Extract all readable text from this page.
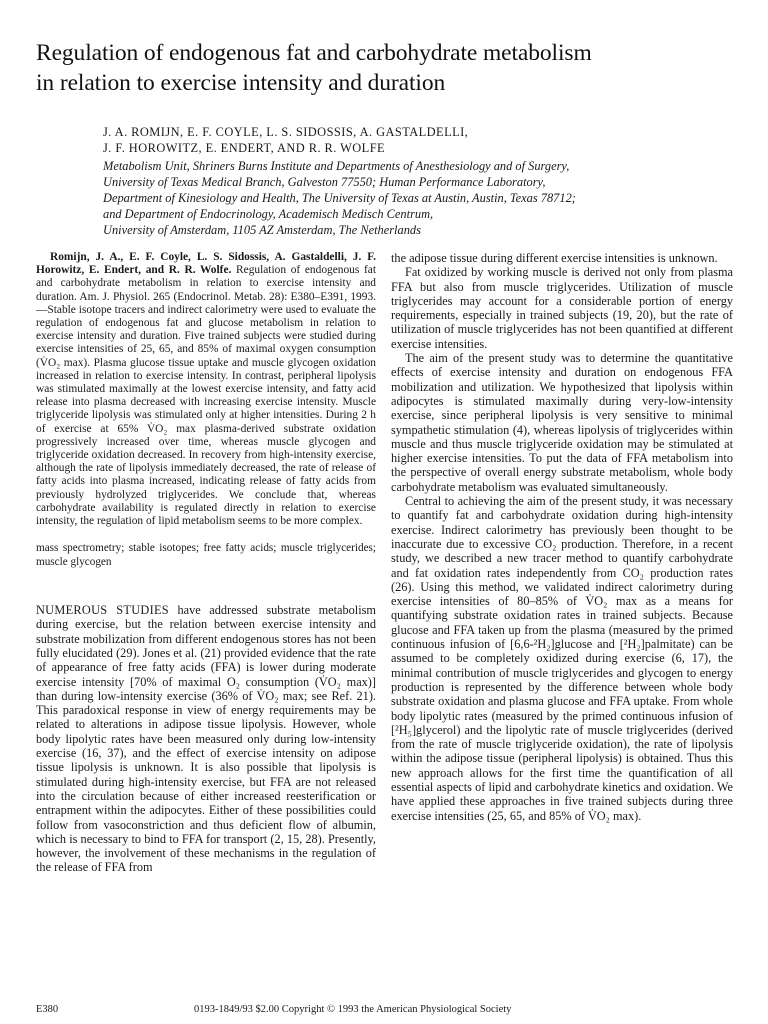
Regulation of endogenous fat and carbohydrate metabolism
in relation to exercise intensity and duration
J. A. ROMIJN, E. F. COYLE, L. S. SIDOSSIS, A. GASTALDELLI,
J. F. HOROWITZ, E. ENDERT, AND R. R. WOLFE
Metabolism Unit, Shriners Burns Institute and Departments of Anesthesiology and of Surgery,
University of Texas Medical Branch, Galveston 77550; Human Performance Laboratory,
Department of Kinesiology and Health, The University of Texas at Austin, Austin, Texas 78712;
and Department of Endocrinology, Academisch Medisch Centrum,
University of Amsterdam, 1105 AZ Amsterdam, The Netherlands

Romijn, J. A., E. F. Coyle, L. S. Sidossis, A. Gastaldelli, J. F. Horowitz, E. Endert, and R. R. Wolfe. Regulation of endogenous fat and carbohydrate metabolism in relation to exercise intensity and duration. Am. J. Physiol. 265 (Endocrinol. Metab. 28): E380–E391, 1993.—Stable isotope tracers and indirect calorimetry were used to evaluate the regulation of endogenous fat and glucose metabolism in relation to exercise intensity and duration. Five trained subjects were studied during exercise intensities of 25, 65, and 85% of maximal oxygen consumption (V̇O₂ max). Plasma glucose tissue uptake and muscle glycogen oxidation increased in relation to exercise intensity. In contrast, peripheral lipolysis was stimulated maximally at the lowest exercise intensity, and fatty acid release into plasma decreased with increasing exercise intensity. Muscle triglyceride lipolysis was stimulated only at higher intensities. During 2 h of exercise at 65% V̇O₂ max plasma-derived substrate oxidation progressively increased over time, whereas muscle glycogen and triglyceride oxidation decreased. In recovery from high-intensity exercise, although the rate of lipolysis immediately decreased, the rate of release of fatty acids into plasma increased, indicating release of fatty acids from previously hydrolyzed triglycerides. We conclude that, whereas carbohydrate availability is regulated directly in relation to exercise intensity, the regulation of lipid metabolism seems to be more complex.

mass spectrometry; stable isotopes; free fatty acids; muscle triglycerides; muscle glycogen

NUMEROUS STUDIES have addressed substrate metabolism during exercise, but the relation between exercise intensity and substrate mobilization from different endogenous stores has not been fully elucidated (29). Jones et al. (21) provided evidence that the rate of appearance of free fatty acids (FFA) is lower during moderate exercise intensity [70% of maximal O₂ consumption (V̇O₂ max)] than during low-intensity exercise (36% of V̇O₂ max; see Ref. 21). This paradoxical response in view of energy requirements may be related to alterations in adipose tissue lipolysis. However, whole body lipolytic rates have been measured only during low-intensity exercise (16, 37), and the effect of exercise intensity on adipose tissue lipolysis is unknown. It is also possible that lipolysis is stimulated during high-intensity exercise, but FFA are not released into the circulation because of either increased reesterification or entrapment within the adipocytes. Either of these possibilities could follow from vasoconstriction and thus deficient flow of albumin, which is necessary to bind to FFA for transport (2, 15, 28). Presently, however, the involvement of these mechanisms in the regulation of the release of FFA from

the adipose tissue during different exercise intensities is unknown.

Fat oxidized by working muscle is derived not only from plasma FFA but also from muscle triglycerides. Utilization of muscle triglycerides may account for a considerable portion of energy requirements, especially in trained subjects (19, 20), but the rate of utilization of muscle triglycerides has not been quantified at different exercise intensities.

The aim of the present study was to determine the quantitative effects of exercise intensity and duration on endogenous FFA mobilization and utilization. We hypothesized that lipolysis within adipocytes is stimulated maximally during very-low-intensity exercise, since peripheral lipolysis is very sensitive to minimal sympathetic stimulation (4), whereas lipolysis of triglycerides within muscle and thus muscle triglyceride oxidation may be stimulated at higher exercise intensities. To put the data of FFA metabolism into the perspective of overall energy substrate metabolism, whole body carbohydrate metabolism was evaluated simultaneously.

Central to achieving the aim of the present study, it was necessary to quantify fat and carbohydrate oxidation during high-intensity exercise. Indirect calorimetry has previously been thought to be inaccurate due to excessive CO₂ production. Therefore, in a recent study, we described a new tracer method to quantify carbohydrate and fat oxidation rates independently from CO₂ production rates (26). Using this method, we validated indirect calorimetry during exercise intensities of 80–85% of V̇O₂ max as a means for quantifying substrate oxidation rates in trained subjects. Because glucose and FFA taken up from the plasma (measured by the primed continuous infusion of [6,6-²H₂]glucose and [²H₂]palmitate) can be assumed to be completely oxidized during exercise (6, 17), the minimal contribution of muscle triglycerides and glycogen to energy production is represented by the difference between whole body substrate oxidation and plasma glucose and FFA uptake. From whole body lipolytic rates (measured by the primed continuous infusion of [²H₅]glycerol) and the lipolytic rate of muscle triglycerides (derived from the rate of muscle triglyceride oxidation), the rate of lipolysis within the adipose tissue (peripheral lipolysis) is obtained. Thus this new approach allows for the first time the quantification of all essential aspects of lipid and carbohydrate kinetics and oxidation. We have applied these approaches in five trained subjects during three exercise intensities (25, 65, and 85% of V̇O₂ max).

E380	0193-1849/93 $2.00 Copyright © 1993 the American Physiological Society
